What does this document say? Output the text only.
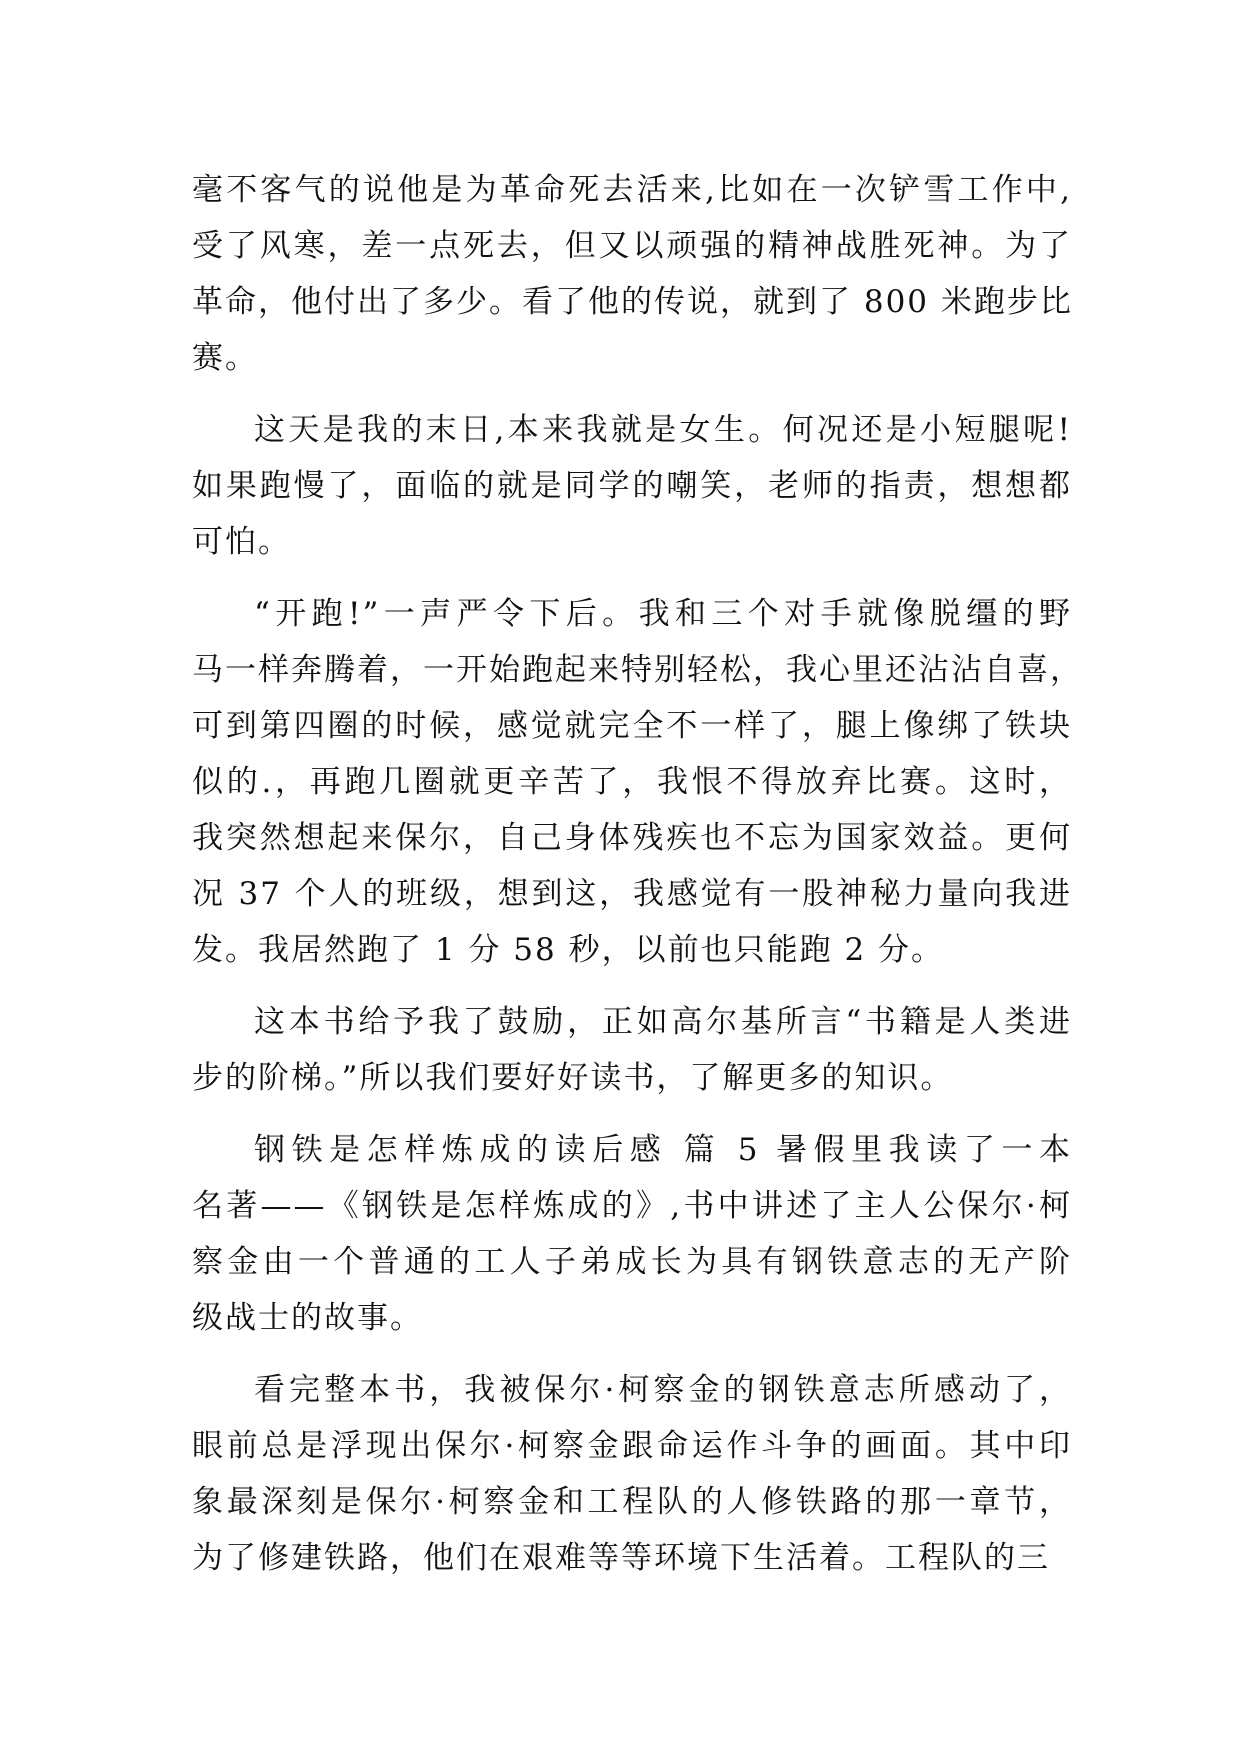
毫不客气的说他是为革命死去活来,比如在一次铲雪工作中,
受了风寒，差一点死去，但又以顽强的精神战胜死神。为了
革命，他付出了多少。看了他的传说，就到了 800 米跑步比
赛。
这天是我的末日,本来我就是女生。何况还是小短腿呢!
如果跑慢了，面临的就是同学的嘲笑，老师的指责，想想都
可怕。
“开跑!”一声严令下后。我和三个对手就像脱缰的野
马一样奔腾着，一开始跑起来特别轻松，我心里还沾沾自喜，
可到第四圈的时候，感觉就完全不一样了，腿上像绑了铁块
似的.，再跑几圈就更辛苦了，我恨不得放弃比赛。这时，
我突然想起来保尔，自己身体残疾也不忘为国家效益。更何
况 37 个人的班级，想到这，我感觉有一股神秘力量向我进
发。我居然跑了 1 分 58 秒，以前也只能跑 2 分。
这本书给予我了鼓励，正如高尔基所言“书籍是人类进
步的阶梯。”所以我们要好好读书，了解更多的知识。
钢铁是怎样炼成的读后感 篇 5 暑假里我读了一本
名著——《钢铁是怎样炼成的》,书中讲述了主人公保尔·柯
察金由一个普通的工人子弟成长为具有钢铁意志的无产阶
级战士的故事。
看完整本书，我被保尔·柯察金的钢铁意志所感动了，
眼前总是浮现出保尔·柯察金跟命运作斗争的画面。其中印
象最深刻是保尔·柯察金和工程队的人修铁路的那一章节，
为了修建铁路，他们在艰难等等环境下生活着。工程队的三
